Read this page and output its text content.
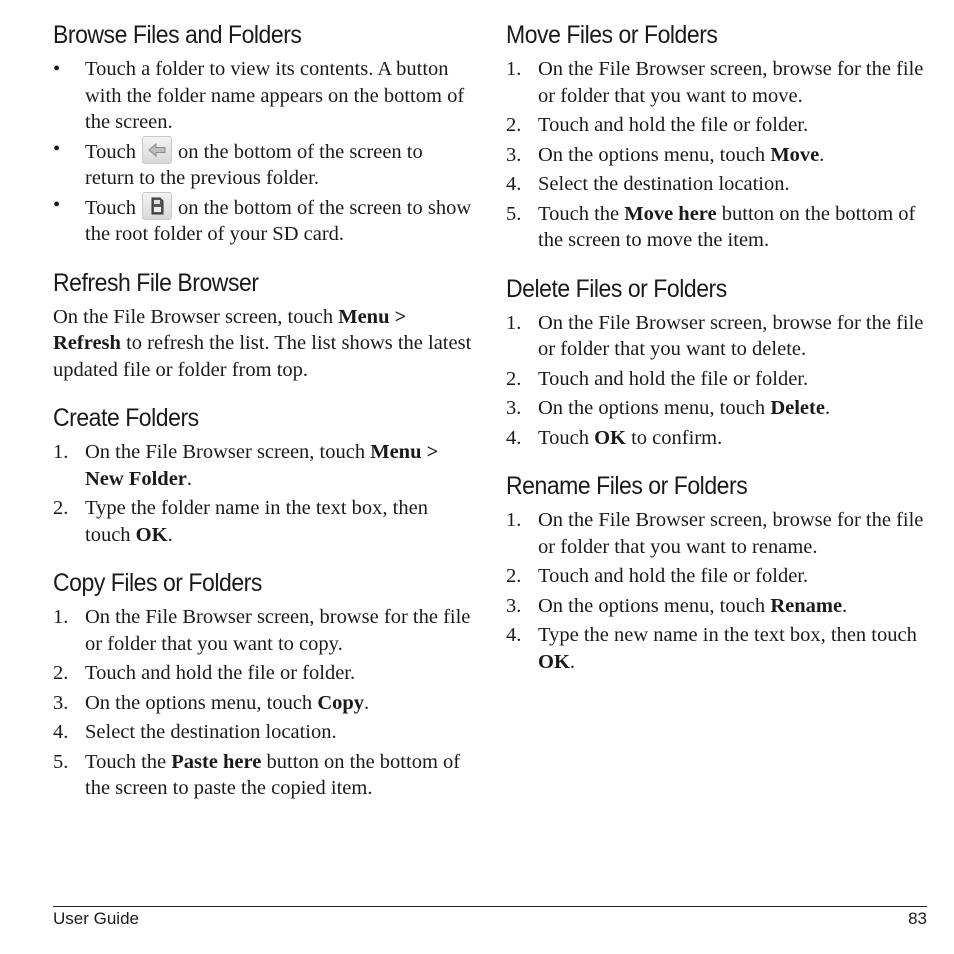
Browse Files and Folders
• Touch a folder to view its contents. A button with the folder name appears on the bottom of the screen.
• Touch on the bottom of the screen to return to the previous folder.
• Touch on the bottom of the screen to show the root folder of your SD card.
Refresh File Browser

On the File Browser screen, touch Menu > Refresh to refresh the list. The list shows the latest updated file or folder from top.

Create Folders
1. On the File Browser screen, touch Menu > New Folder.
2. Type the folder name in the text box, then touch OK.
Copy Files or Folders
1. On the File Browser screen, browse for the file or folder that you want to copy.
2. Touch and hold the file or folder.
3. On the options menu, touch Copy.
4. Select the destination location.
5. Touch the Paste here button on the bottom of the screen to paste the copied item.
Move Files or Folders
1. On the File Browser screen, browse for the file or folder that you want to move.
2. Touch and hold the file or folder.
3. On the options menu, touch Move.
4. Select the destination location.
5. Touch the Move here button on the bottom of the screen to move the item.
Delete Files or Folders
1. On the File Browser screen, browse for the file or folder that you want to delete.
2. Touch and hold the file or folder.
3. On the options menu, touch Delete.
4. Touch OK to confirm.
Rename Files or Folders
1. On the File Browser screen, browse for the file or folder that you want to rename.
2. Touch and hold the file or folder.
3. On the options menu, touch Rename.
4. Type the new name in the text box, then touch OK.
User Guide	83
